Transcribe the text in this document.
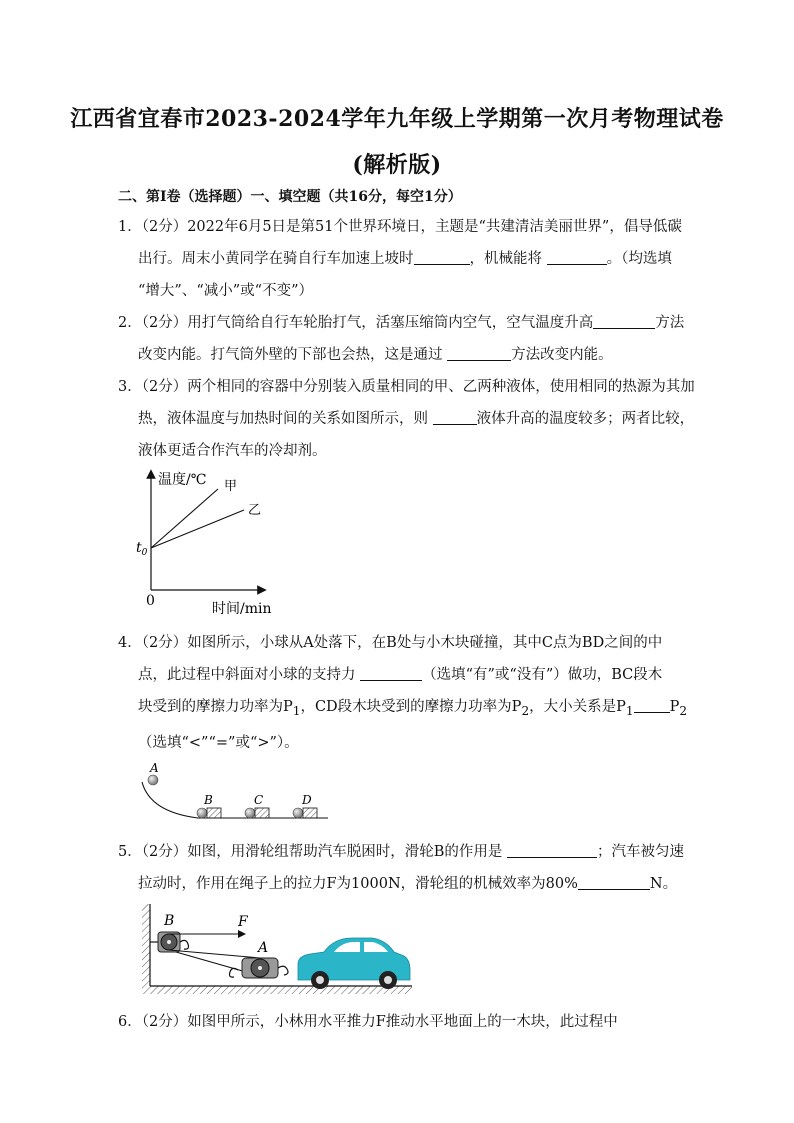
江西省宜春市2023-2024学年九年级上学期第一次月考物理试卷
(解析版)
二、第Ⅰ卷（选择题）一、填空题（共16分，每空1分）
1．（2分）2022年6月5日是第51个世界环境日，主题是“共建清洁美丽世界”，倡导低碳
出行。周末小黄同学在骑自行车加速上坡时	，机械能将	。（均选填
“增大”、“减小”或“不变”）
2．（2分）用打气筒给自行车轮胎打气，活塞压缩筒内空气，空气温度升高	方法
改变内能。打气筒外壁的下部也会热，这是通过	方法改变内能。
3．（2分）两个相同的容器中分别装入质量相同的甲、乙两种液体，使用相同的热源为其加
热，液体温度与加热时间的关系如图所示，则	液体升高的温度较多；两者比较，
液体更适合作汽车的冷却剂。
温度/℃
时间/min
0
$t_0$
甲
乙
4．（2分）如图所示，小球从A处落下，在B处与小木块碰撞，其中C点为BD之间的中
点，此过程中斜面对小球的支持力	（选填“有”或“没有”）做功，BC段木
块受到的摩擦力功率为$P_1$，CD段木块受到的摩擦力功率为$P_2$，大小关系是$P_1$ $P_2$
（选填“<”“=”或“>”）。
A
B	C	D
5．（2分）如图，用滑轮组帮助汽车脱困时，滑轮B的作用是	；汽车被匀速
拉动时，作用在绳子上的拉力F为1000N，滑轮组的机械效率为80%	N。
B	F
A
6．（2分）如图甲所示，小林用水平推力F推动水平地面上的一木块，此过程中
